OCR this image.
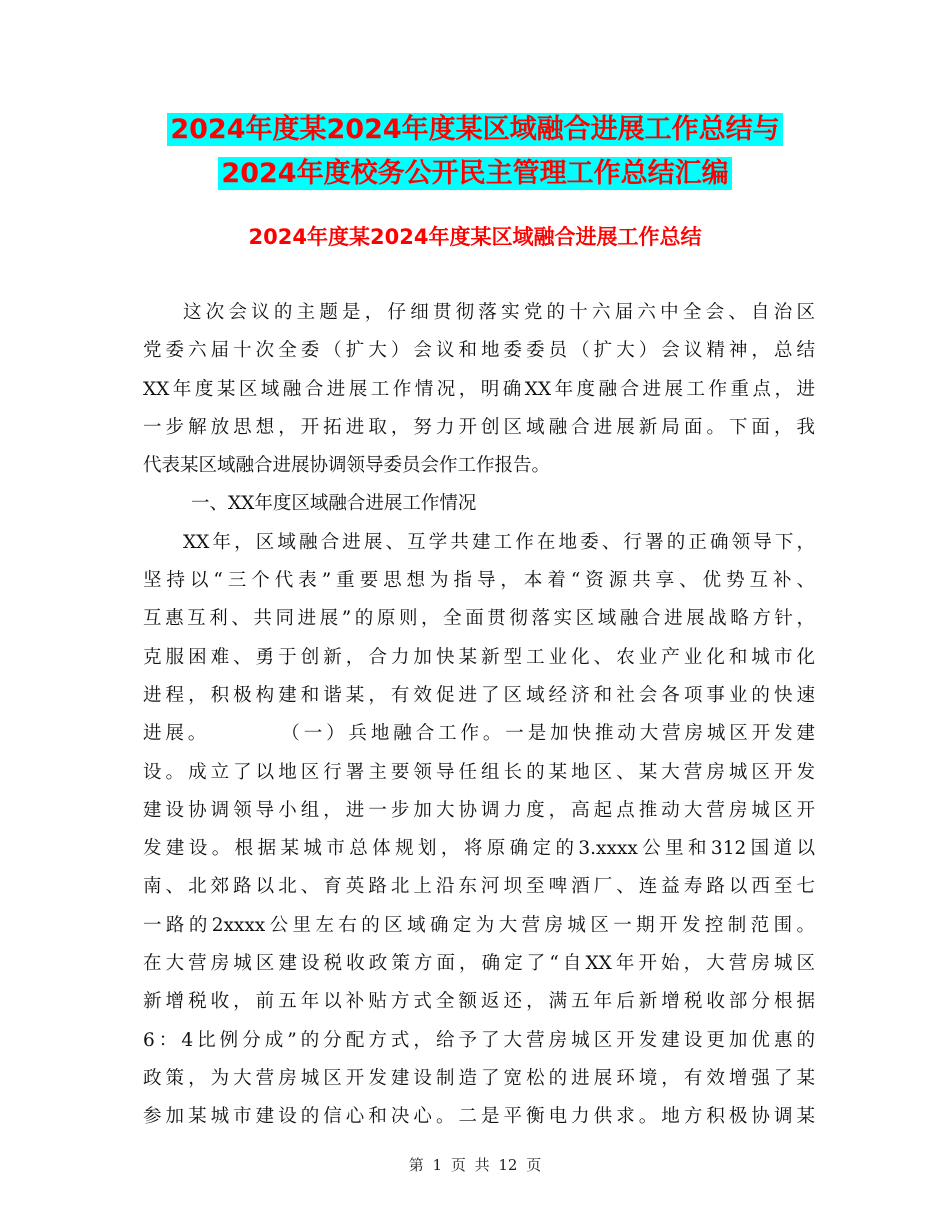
2024年度某2024年度某区域融合进展工作总结与
2024年度校务公开民主管理工作总结汇编
2024年度某2024年度某区域融合进展工作总结
这次会议的主题是，仔细贯彻落实党的十六届六中全会、自治区
党委六届十次全委（扩大）会议和地委委员（扩大）会议精神，总结
XX年度某区域融合进展工作情况，明确XX年度融合进展工作重点，进
一步解放思想，开拓进取，努力开创区域融合进展新局面。下面，我
代表某区域融合进展协调领导委员会作工作报告。
一、XX年度区域融合进展工作情况
XX年，区域融合进展、互学共建工作在地委、行署的正确领导下，
坚持以“三个代表”重要思想为指导，本着“资源共享、优势互补、
互惠互利、共同进展”的原则，全面贯彻落实区域融合进展战略方针，
克服困难、勇于创新，合力加快某新型工业化、农业产业化和城市化
进程，积极构建和谐某，有效促进了区域经济和社会各项事业的快速
进展。　　　　（一）兵地融合工作。一是加快推动大营房城区开发建
设。成立了以地区行署主要领导任组长的某地区、某大营房城区开发
建设协调领导小组，进一步加大协调力度，高起点推动大营房城区开
发建设。根据某城市总体规划，将原确定的3.xxxx公里和312国道以
南、北郊路以北、育英路北上沿东河坝至啤酒厂、连益寿路以西至七
一路的2xxxx公里左右的区域确定为大营房城区一期开发控制范围。
在大营房城区建设税收政策方面，确定了“自XX年开始，大营房城区
新增税收，前五年以补贴方式全额返还，满五年后新增税收部分根据
6：4比例分成”的分配方式，给予了大营房城区开发建设更加优惠的
政策，为大营房城区开发建设制造了宽松的进展环境，有效增强了某
参加某城市建设的信心和决心。二是平衡电力供求。地方积极协调某
第 1 页 共 12 页
